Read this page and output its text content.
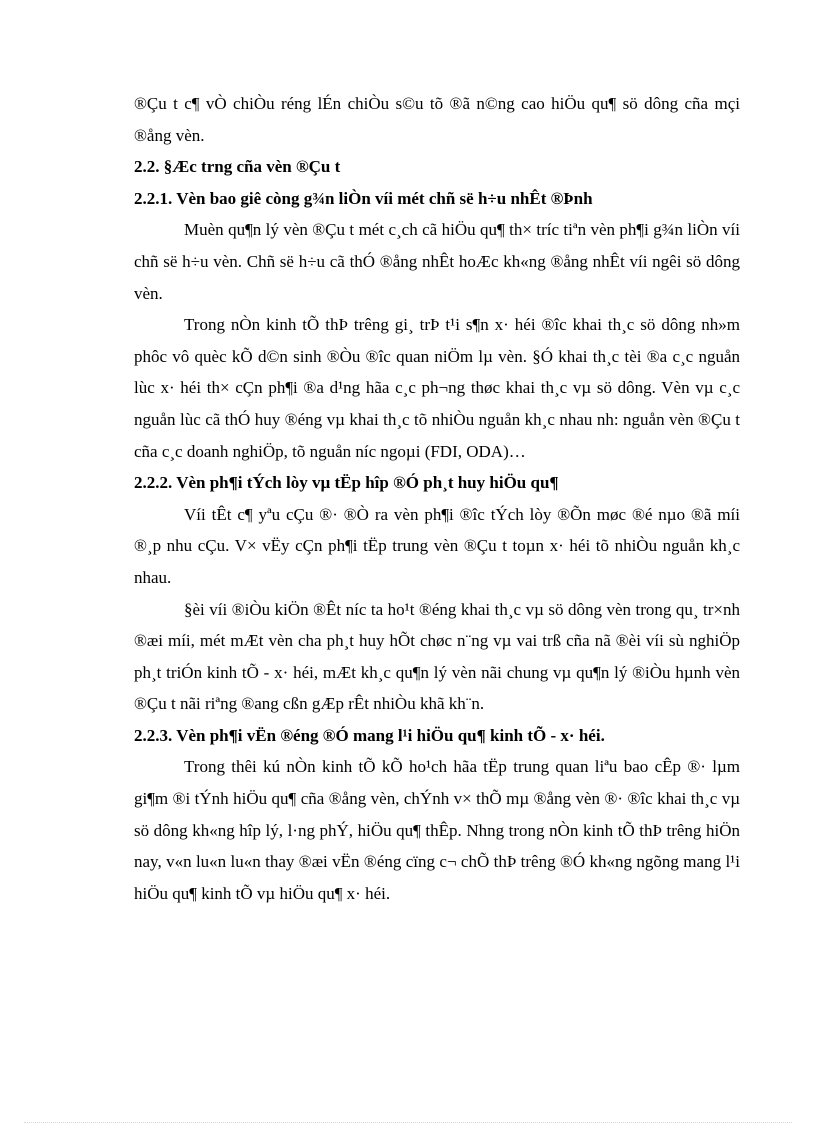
®Çu t c¶ vÒ chiÒu réng lÉn chiÒu s©u tõ ®ã n©ng cao hiÖu qu¶ sö dông cña mçi ®ång vèn.

2.2. §Æc trng cña vèn ®Çu t

2.2.1. Vèn bao giê còng g¾n liÒn víi mét chñ së h÷u nhÊt ®Þnh

Muèn qu¶n lý vèn ®Çu t mét c¸ch cã hiÖu qu¶ th× tríc tiªn vèn ph¶i g¾n liÒn víi chñ së h÷u vèn. Chñ së h÷u cã thÓ ®ång nhÊt hoÆc kh«ng ®ång nhÊt víi ngêi sö dông vèn.

Trong nÒn kinh tÕ thÞ trêng gi¸ trÞ t¹i s¶n x· héi ®îc khai th¸c sö dông nh»m phôc vô quèc kÕ d©n sinh ®Òu ®îc quan niÖm lµ vèn. §Ó khai th¸c tèi ®a c¸c nguån lùc x· héi th× cÇn ph¶i ®a d¹ng hãa c¸c ph¬ng thøc khai th¸c vµ sö dông. Vèn vµ c¸c nguån lùc cã thÓ huy ®éng vµ khai th¸c tõ nhiÒu nguån kh¸c nhau nh: nguån vèn ®Çu t cña c¸c doanh nghiÖp, tõ nguån níc ngoµi (FDI, ODA)…

2.2.2. Vèn ph¶i tÝch lòy vµ tËp hîp ®Ó ph¸t huy hiÖu qu¶

Víi tÊt c¶ yªu cÇu ®· ®Ò ra vèn ph¶i ®îc tÝch lòy ®Õn møc ®é nµo ®ã míi ®¸p nhu cÇu. V× vËy cÇn ph¶i tËp trung vèn ®Çu t toµn x· héi tõ nhiÒu nguån kh¸c nhau.

§èi víi ®iÒu kiÖn ®Êt níc ta ho¹t ®éng khai th¸c vµ sö dông vèn trong qu¸ tr×nh ®æi míi, mét mÆt vèn cha ph¸t huy hÕt chøc n¨ng vµ vai trß cña nã ®èi víi sù nghiÖp ph¸t triÓn kinh tÕ - x· héi, mÆt kh¸c qu¶n lý vèn nãi chung vµ qu¶n lý ®iÒu hµnh vèn ®Çu t nãi riªng ®ang cßn gÆp rÊt nhiÒu khã kh¨n.

2.2.3. Vèn ph¶i vËn ®éng ®Ó mang l¹i hiÖu qu¶ kinh tÕ - x· héi.

Trong thêi kú nÒn kinh tÕ kÕ ho¹ch hãa tËp trung quan liªu bao cÊp ®· lµm gi¶m ®i tÝnh hiÖu qu¶ cña ®ång vèn, chÝnh v× thÕ mµ ®ång vèn ®· ®îc khai th¸c vµ sö dông kh«ng hîp lý, l·ng phÝ, hiÖu qu¶ thÊp. Nhng trong nÒn kinh tÕ thÞ trêng hiÖn nay, v«n lu«n lu«n thay ®æi vËn ®éng cïng c¬ chÕ thÞ trêng ®Ó kh«ng ngõng mang l¹i hiÖu qu¶ kinh tÕ vµ hiÖu qu¶ x· héi.
